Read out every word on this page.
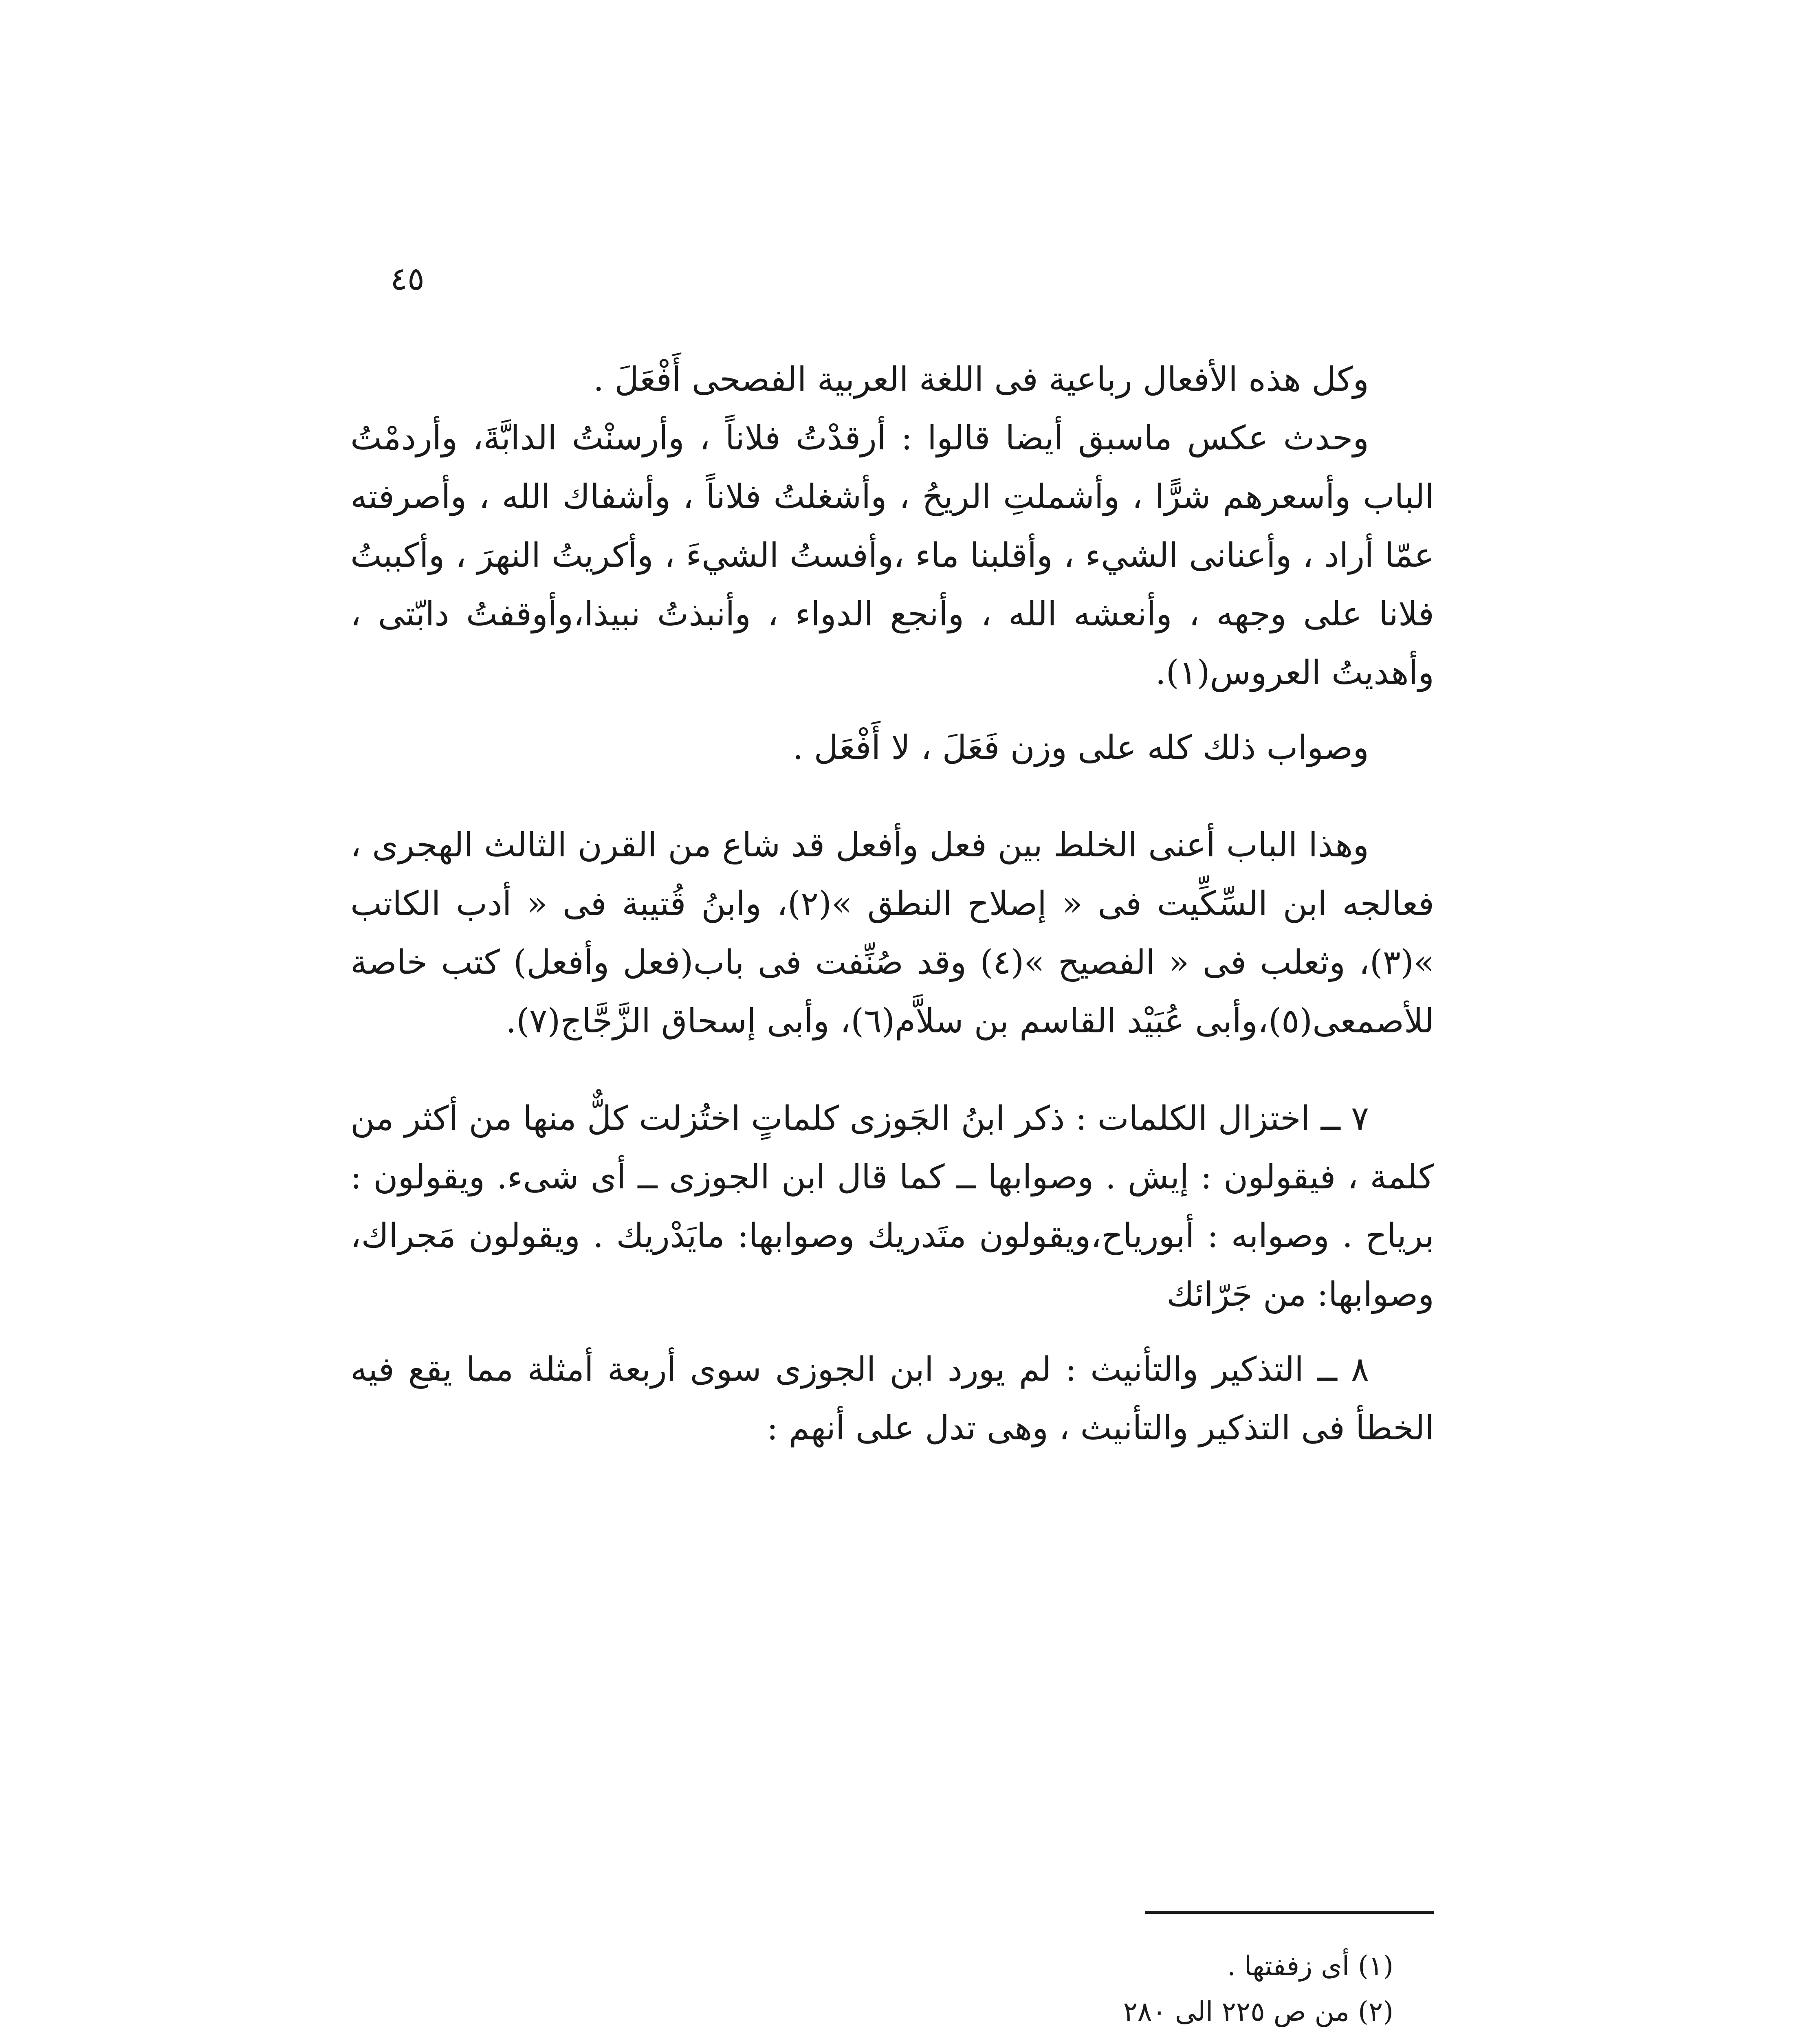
٤٥

وكل هذه الأفعال رباعية فى اللغة العربية الفصحى أَفْعَلَ .

وحدث عكس ماسبق أيضا قالوا : أرقدْتُ فلاناً ، وأرسنْتُ الدابَّةَ، وأردمْتُ الباب وأسعرهم شرًّا ، وأشملتِ الريحُ ، وأشغلتُ فلاناً ، وأشفاك الله ، وأصرفته عمّا أراد ، وأعنانى الشيء ، وأقلبنا ماء ،وأفستُ الشيءَ ، وأكريتُ النهرَ ، وأكببتُ فلانا على وجهه ، وأنعشه الله ، وأنجع الدواء ، وأنبذتُ نبيذا،وأوقفتُ دابّتى ، وأهديتُ العروس(١).

وصواب ذلك كله على وزن فَعَلَ ، لا أَفْعَل .

وهذا الباب أعنى الخلط بين فعل وأفعل قد شاع من القرن الثالث الهجرى ، فعالجه ابن السِّكِّيت فى « إصلاح النطق »(٢)، وابنُ قُتيبة فى « أدب الكاتب »(٣)، وثعلب فى « الفصيح »(٤) وقد صُنِّفت فى باب(فعل وأفعل) كتب خاصة للأصمعى(٥)،وأبى عُبَيْد القاسم بن سلاَّم(٦)، وأبى إسحاق الزَّجَّاج(٧).

٧ ــ اختزال الكلمات : ذكر ابنُ الجَوزى كلماتٍ اختُزلت كلٌّ منها من أكثر من كلمة ، فيقولون : إيش . وصوابها ــ كما قال ابن الجوزى ــ أى شىء. ويقولون : برياح . وصوابه : أبورياح،ويقولون متَدريك وصوابها: مايَدْريك . ويقولون مَجراك، وصوابها: من جَرّائك

٨ ــ التذكير والتأنيث : لم يورد ابن الجوزى سوى أربعة أمثلة مما يقع فيه الخطأ فى التذكير والتأنيث ، وهى تدل على أنهم :

(١) أى زففتها .
(٢) من ص ٢٢٥ الى ٢٨٠
